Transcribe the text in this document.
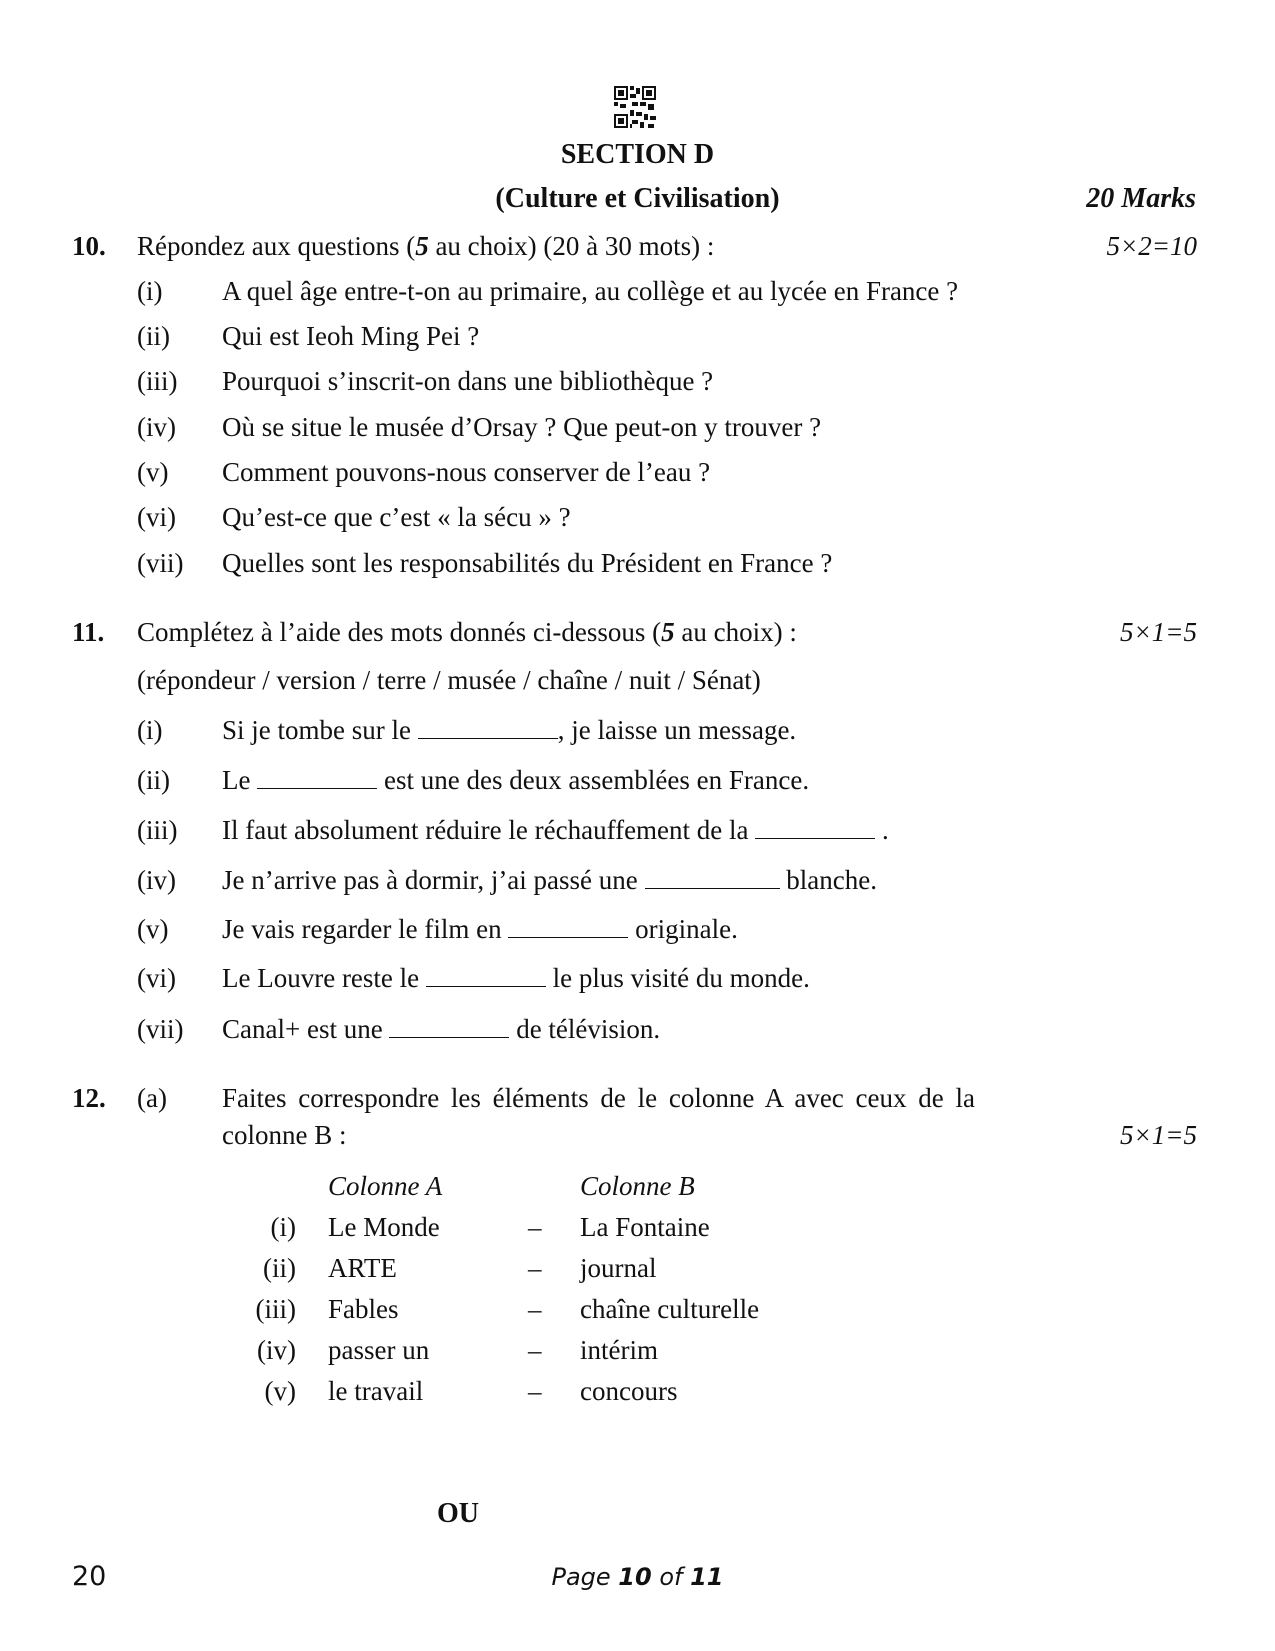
SECTION D
(Culture et Civilisation)	20 Marks
10. Répondez aux questions (5 au choix) (20 à 30 mots) :	5×2=10
(i) A quel âge entre-t-on au primaire, au collège et au lycée en France ?
(ii) Qui est Ieoh Ming Pei ?
(iii) Pourquoi s’inscrit-on dans une bibliothèque ?
(iv) Où se situe le musée d’Orsay ? Que peut-on y trouver ?
(v) Comment pouvons-nous conserver de l’eau ?
(vi) Qu’est-ce que c’est « la sécu » ?
(vii) Quelles sont les responsabilités du Président en France ?
11. Complétez à l’aide des mots donnés ci-dessous (5 au choix) :	5×1=5
(répondeur / version / terre / musée / chaîne / nuit / Sénat)
(i) Si je tombe sur le	, je laisse un message.
(ii) Le	est une des deux assemblées en France.
(iii) Il faut absolument réduire le réchauffement de la	.
(iv) Je n’arrive pas à dormir, j’ai passé une	blanche.
(v) Je vais regarder le film en	originale.
(vi) Le Louvre reste le	le plus visité du monde.
(vii) Canal+ est une	de télévision.
12. (a) Faites correspondre les éléments de le colonne A avec ceux de la
colonne B :	5×1=5
Colonne A	Colonne B
(i) Le Monde	– La Fontaine
(ii) ARTE	– journal
(iii) Fables	– chaîne culturelle
(iv) passer un	– intérim
(v) le travail	– concours
OU
20	Page 10 of 11
